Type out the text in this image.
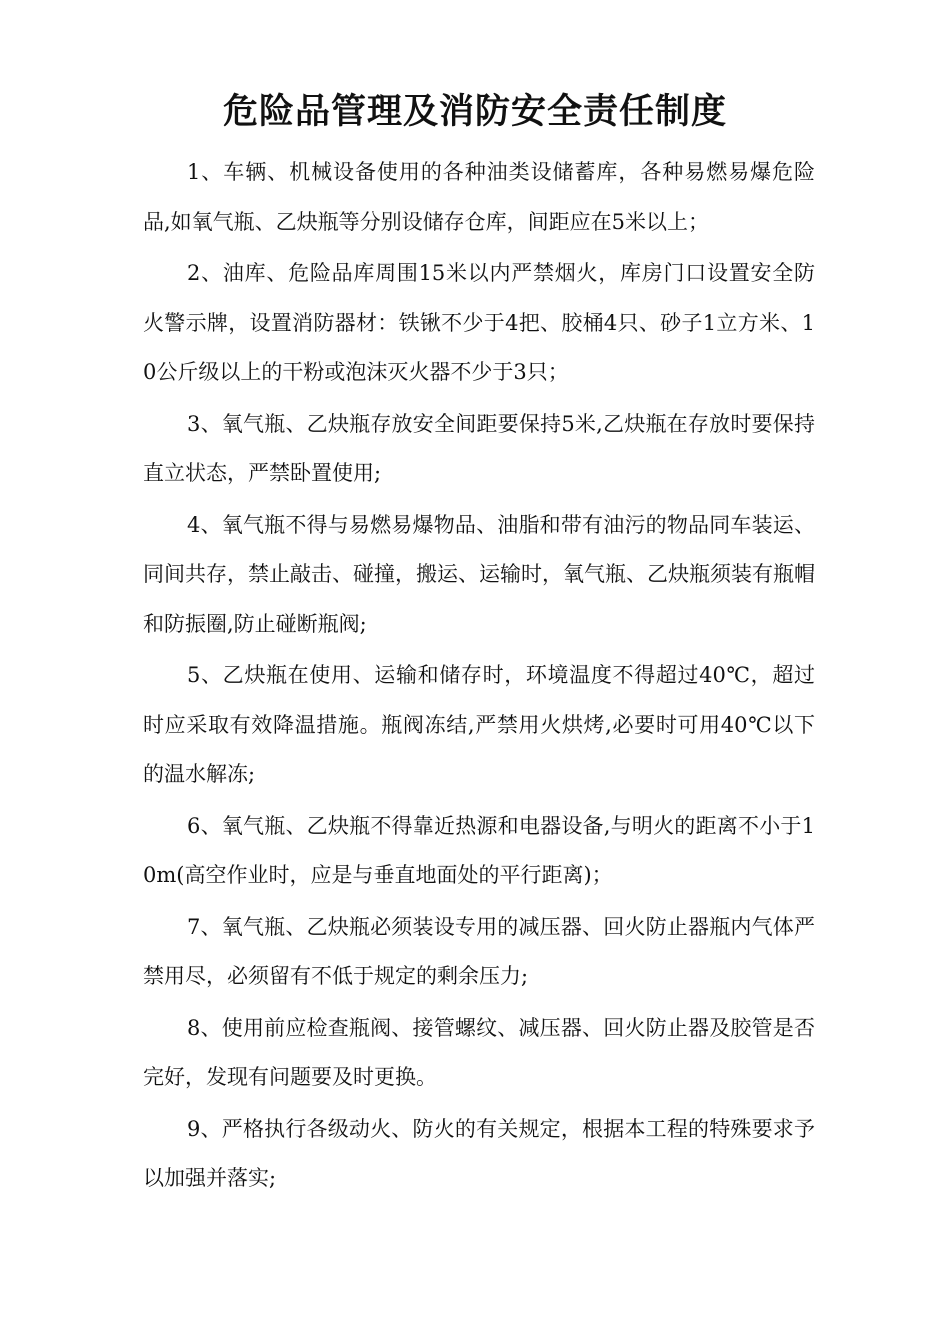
危险品管理及消防安全责任制度

1、车辆、机械设备使用的各种油类设储蓄库，各种易燃易爆危险品,如氧气瓶、乙炔瓶等分别设储存仓库，间距应在5米以上；

2、油库、危险品库周围15米以内严禁烟火，库房门口设置安全防火警示牌，设置消防器材：铁锹不少于4把、胶桶4只、砂子1立方米、10公斤级以上的干粉或泡沫灭火器不少于3只；

3、氧气瓶、乙炔瓶存放安全间距要保持5米,乙炔瓶在存放时要保持直立状态，严禁卧置使用;

4、氧气瓶不得与易燃易爆物品、油脂和带有油污的物品同车装运、同间共存，禁止敲击、碰撞，搬运、运输时，氧气瓶、乙炔瓶须装有瓶帽和防振圈,防止碰断瓶阀;

5、乙炔瓶在使用、运输和储存时，环境温度不得超过40℃，超过时应采取有效降温措施。瓶阀冻结,严禁用火烘烤,必要时可用40℃以下的温水解冻;

6、氧气瓶、乙炔瓶不得靠近热源和电器设备,与明火的距离不小于10m(高空作业时，应是与垂直地面处的平行距离)；

7、氧气瓶、乙炔瓶必须装设专用的减压器、回火防止器瓶内气体严禁用尽，必须留有不低于规定的剩余压力;

8、使用前应检查瓶阀、接管螺纹、减压器、回火防止器及胶管是否完好，发现有问题要及时更换。

9、严格执行各级动火、防火的有关规定，根据本工程的特殊要求予以加强并落实;
